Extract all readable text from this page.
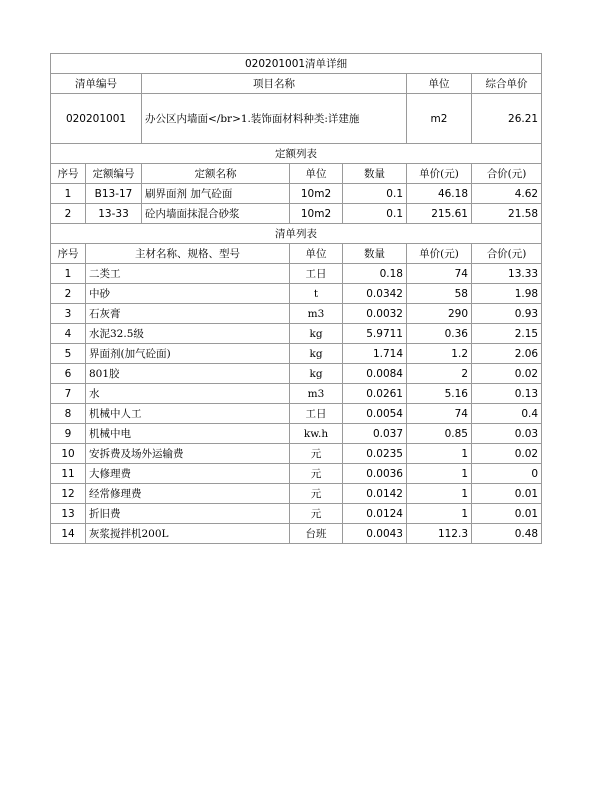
020201001清单详细						
清单编号		项目名称			单位	综合单价
020201001		办公区内墙面</br>1.装饰面材料种类:详建施			m2	26.21
定额列表						
序号	定额编号	定额名称	单位	数量	单价(元)	合价(元)
1	B13-17	刷界面剂 加气砼面	10m2	0.1	46.18	4.62
2	13-33	砼内墙面抹混合砂浆	10m2	0.1	215.61	21.58
清单列表						
序号	主材名称、规格、型号		单位	数量	单价(元)	合价(元)
1	二类工		工日	0.18	74	13.33
2	中砂		t	0.0342	58	1.98
3	石灰膏		m3	0.0032	290	0.93
4	水泥32.5级		kg	5.9711	0.36	2.15
5	界面剂(加气砼面)		kg	1.714	1.2	2.06
6	801胶		kg	0.0084	2	0.02
7	水		m3	0.0261	5.16	0.13
8	机械中人工		工日	0.0054	74	0.4
9	机械中电		kw.h	0.037	0.85	0.03
10	安拆费及场外运输费		元	0.0235	1	0.02
11	大修理费		元	0.0036	1	0
12	经常修理费		元	0.0142	1	0.01
13	折旧费		元	0.0124	1	0.01
14	灰浆搅拌机200L		台班	0.0043	112.3	0.48
